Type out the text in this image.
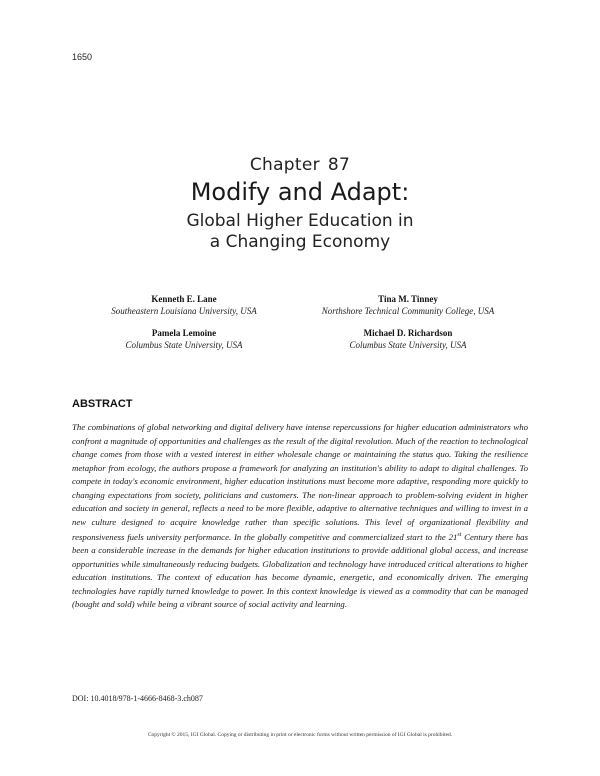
1650
Chapter 87
Modify and Adapt:
Global Higher Education in
a Changing Economy
Kenneth E. Lane
Southeastern Louisiana University, USA
Tina M. Tinney
Northshore Technical Community College, USA
Pamela Lemoine
Columbus State University, USA
Michael D. Richardson
Columbus State University, USA
ABSTRACT
The combinations of global networking and digital delivery have intense repercussions for higher education administrators who confront a magnitude of opportunities and challenges as the result of the digital revolution. Much of the reaction to technological change comes from those with a vested interest in either wholesale change or maintaining the status quo. Taking the resilience metaphor from ecology, the authors propose a framework for analyzing an institution's ability to adapt to digital challenges. To compete in today's economic environment, higher education institutions must become more adaptive, responding more quickly to changing expectations from society, politicians and customers. The non-linear approach to problem-solving evident in higher education and society in general, reflects a need to be more flexible, adaptive to alternative techniques and willing to invest in a new culture designed to acquire knowledge rather than specific solutions. This level of organizational flexibility and responsiveness fuels university performance. In the globally competitive and commercialized start to the 21st Century there has been a considerable increase in the demands for higher education institutions to provide additional global access, and increase opportunities while simultaneously reducing budgets. Globalization and technology have introduced critical alterations to higher education institutions. The context of education has become dynamic, energetic, and economically driven. The emerging technologies have rapidly turned knowledge to power. In this context knowledge is viewed as a commodity that can be managed (bought and sold) while being a vibrant source of social activity and learning.
DOI: 10.4018/978-1-4666-8468-3.ch087
Copyright © 2015, IGI Global. Copying or distributing in print or electronic forms without written permission of IGI Global is prohibited.
